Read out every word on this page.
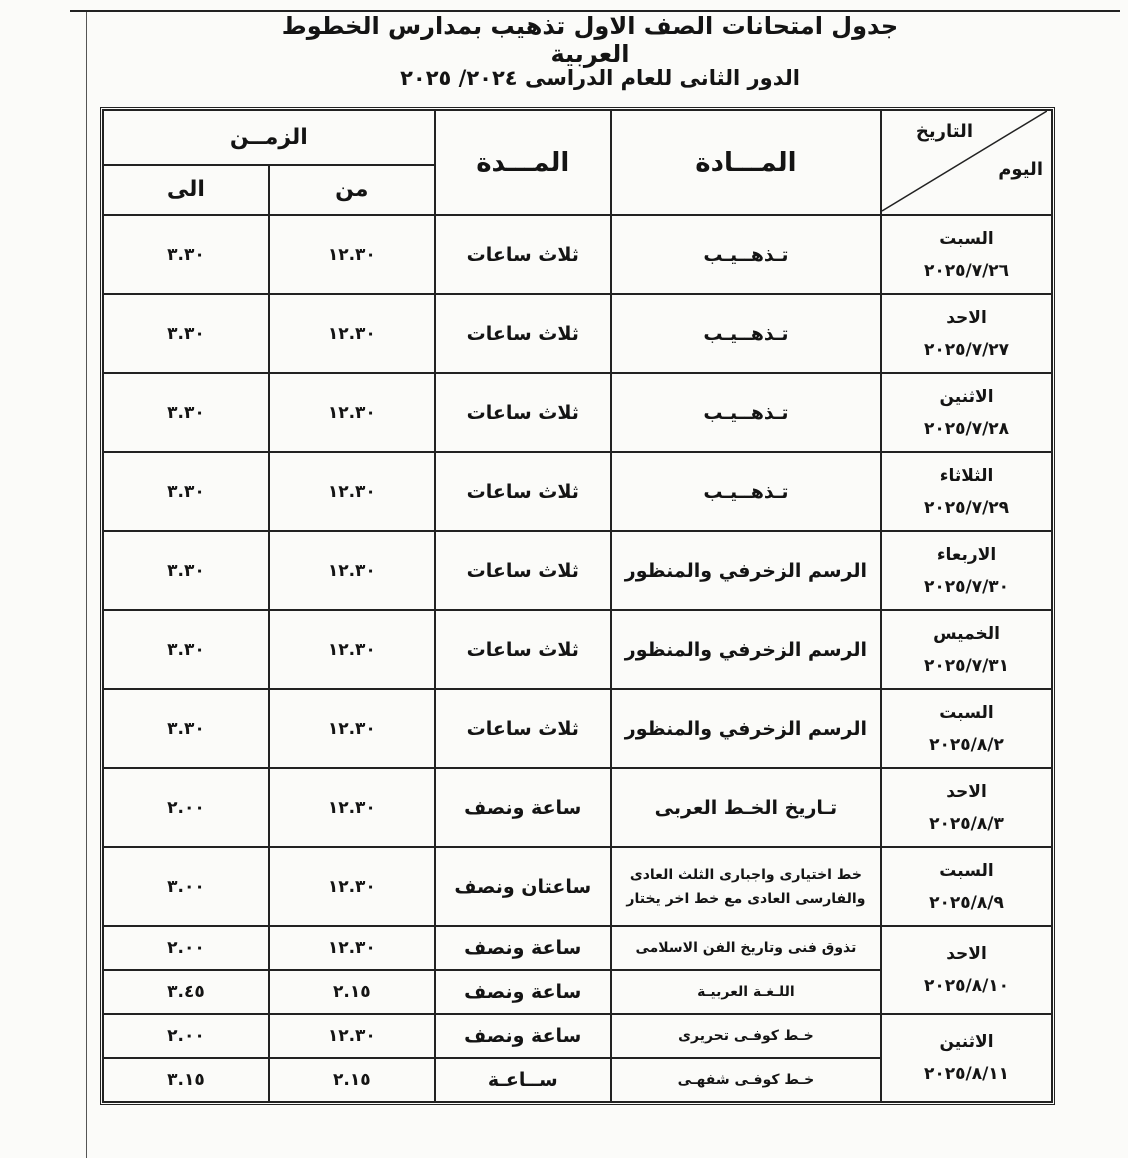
جدول امتحانات الصف الاول تذهيب بمدارس الخطوط العربية
الدور الثانى للعام الدراسى ٢٠٢٤/ ٢٠٢٥
التاريخ
اليوم	المـــادة	المـــدة	الزمــن	
			من	الى

السبت
٢٠٢٥/٧/٢٦	تـذهــيـب	ثلاث ساعات	١٢.٣٠	٣.٣٠

الاحد
٢٠٢٥/٧/٢٧	تـذهــيـب	ثلاث ساعات	١٢.٣٠	٣.٣٠

الاثنين
٢٠٢٥/٧/٢٨	تـذهــيـب	ثلاث ساعات	١٢.٣٠	٣.٣٠

الثلاثاء
٢٠٢٥/٧/٢٩	تـذهــيـب	ثلاث ساعات	١٢.٣٠	٣.٣٠

الاربعاء
٢٠٢٥/٧/٣٠	الرسم الزخرفي والمنظور	ثلاث ساعات	١٢.٣٠	٣.٣٠

الخميس
٢٠٢٥/٧/٣١	الرسم الزخرفي والمنظور	ثلاث ساعات	١٢.٣٠	٣.٣٠

السبت
٢٠٢٥/٨/٢	الرسم الزخرفي والمنظور	ثلاث ساعات	١٢.٣٠	٣.٣٠

الاحد
٢٠٢٥/٨/٣	تـاريخ الخـط العربى	ساعة ونصف	١٢.٣٠	٢.٠٠

السبت
٢٠٢٥/٨/٩	خط اختيارى واجبارى الثلث العادى والفارسى العادى مع خط اخر يختار	ساعتان ونصف	١٢.٣٠	٣.٠٠

الاحد
٢٠٢٥/٨/١٠	تذوق فنى وتاريخ الفن الاسلامى	ساعة ونصف	١٢.٣٠	٢.٠٠
	اللـغـة العربيـة	ساعة ونصف	٢.١٥	٣.٤٥

الاثنين
٢٠٢٥/٨/١١	خـط كوفـى تحريرى	ساعة ونصف	١٢.٣٠	٢.٠٠
	خـط كوفـى شفهـى	ســاعـة	٢.١٥	٣.١٥
